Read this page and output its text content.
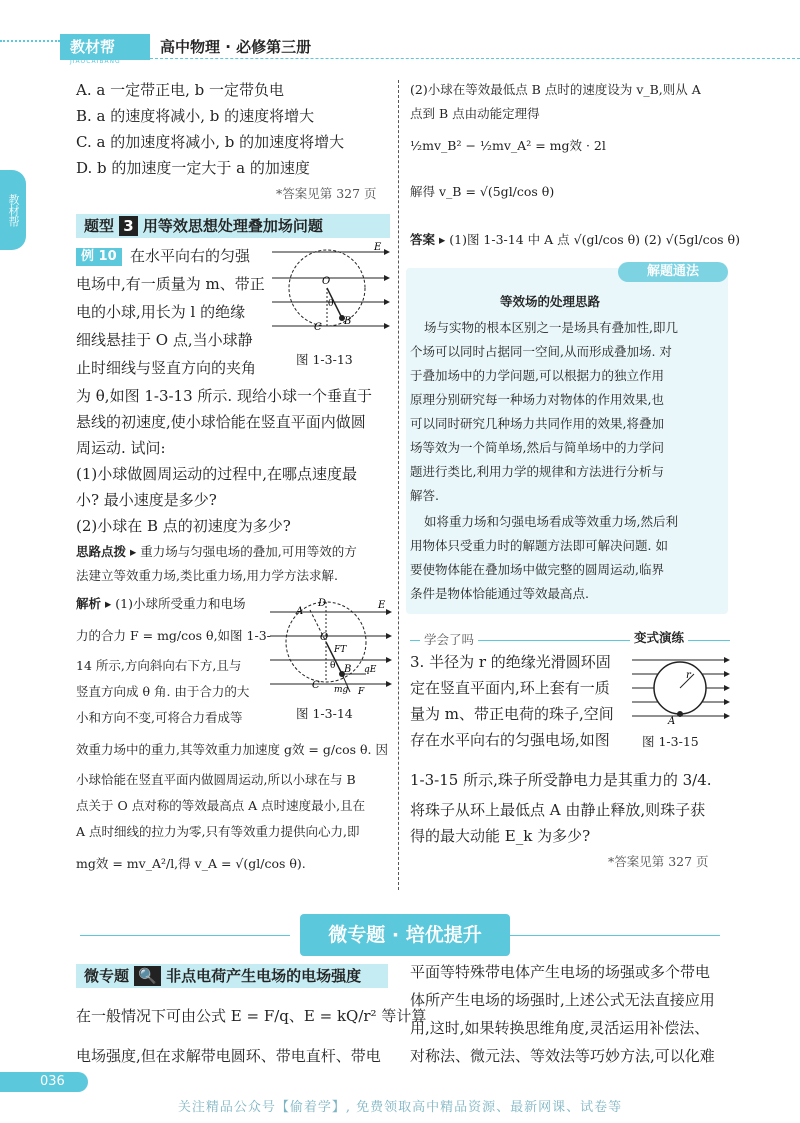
教材帮
JIAOCAIBANG
高中物理 · 必修第三册
教材帮
A. a 一定带正电, b 一定带负电
B. a 的速度将减小, b 的速度将增大
C. a 的加速度将减小, b 的加速度将增大
D. b 的加速度一定大于 a 的加速度
*答案见第 327 页
题型 3 用等效思想处理叠加场问题
例 10 在水平向右的匀强
电场中,有一质量为 m、带正
电的小球,用长为 l 的绝缘
细线悬挂于 O 点,当小球静
止时细线与竖直方向的夹角
为 θ,如图 1-3-13 所示. 现给小球一个垂直于
悬线的初速度,使小球恰能在竖直平面内做圆
周运动. 试问:
(1)小球做圆周运动的过程中,在哪点速度最
小? 最小速度是多少?
(2)小球在 B 点的初速度为多少?
O
θ
B
C
E
图 1-3-13
思路点拨 ▸ 重力场与匀强电场的叠加,可用等效的方
法建立等效重力场,类比重力场,用力学方法求解.
解析 ▸ (1)小球所受重力和电场
力的合力 F = mg/cos θ,如图 1-3-
14 所示,方向斜向右下方,且与
竖直方向成 θ 角. 由于合力的大
小和方向不变,可将合力看成等
效重力场中的重力,其等效重力加速度 g效 = g/cos θ. 因
小球恰能在竖直平面内做圆周运动,所以小球在与 B
点关于 O 点对称的等效最高点 A 点时速度最小,且在
A 点时细线的拉力为零,只有等效重力提供向心力,即
mg效 = mv_A²/l,得 v_A = √(gl/cos θ).
D
A
O
FT
θ B
C mg F
qE
E
图 1-3-14
(2)小球在等效最低点 B 点时的速度设为 v_B,则从 A
点到 B 点由动能定理得
½mv_B² − ½mv_A² = mg效 · 2l
解得 v_B = √(5gl/cos θ)
答案 ▸ (1)图 1-3-14 中 A 点 √(gl/cos θ) (2) √(5gl/cos θ)
解题通法
等效场的处理思路
场与实物的根本区别之一是场具有叠加性,即几
个场可以同时占据同一空间,从而形成叠加场. 对
于叠加场中的力学问题,可以根据力的独立作用
原理分别研究每一种场力对物体的作用效果,也
可以同时研究几种场力共同作用的效果,将叠加
场等效为一个简单场,然后与简单场中的力学问
题进行类比,利用力学的规律和方法进行分析与
解答.
如将重力场和匀强电场看成等效重力场,然后利
用物体只受重力时的解题方法即可解决问题. 如
要使物体能在叠加场中做完整的圆周运动,临界
条件是物体恰能通过等效最高点.
学会了吗	变式演练
3. 半径为 r 的绝缘光滑圆环固
定在竖直平面内,环上套有一质
量为 m、带正电荷的珠子,空间
存在水平向右的匀强电场,如图
1-3-15 所示,珠子所受静电力是其重力的 3/4.
将珠子从环上最低点 A 由静止释放,则珠子获
得的最大动能 E_k 为多少?
*答案见第 327 页
r
A
图 1-3-15
微专题 · 培优提升
微专题 🔍 非点电荷产生电场的电场强度
在一般情况下可由公式 E = F/q、E = kQ/r² 等计算
电场强度,但在求解带电圆环、带电直杆、带电
平面等特殊带电体产生电场的场强或多个带电
体所产生电场的场强时,上述公式无法直接应用
用,这时,如果转换思维角度,灵活运用补偿法、
对称法、微元法、等效法等巧妙方法,可以化难
036
关注精品公众号【偷着学】, 免费领取高中精品资源、最新网课、试卷等
